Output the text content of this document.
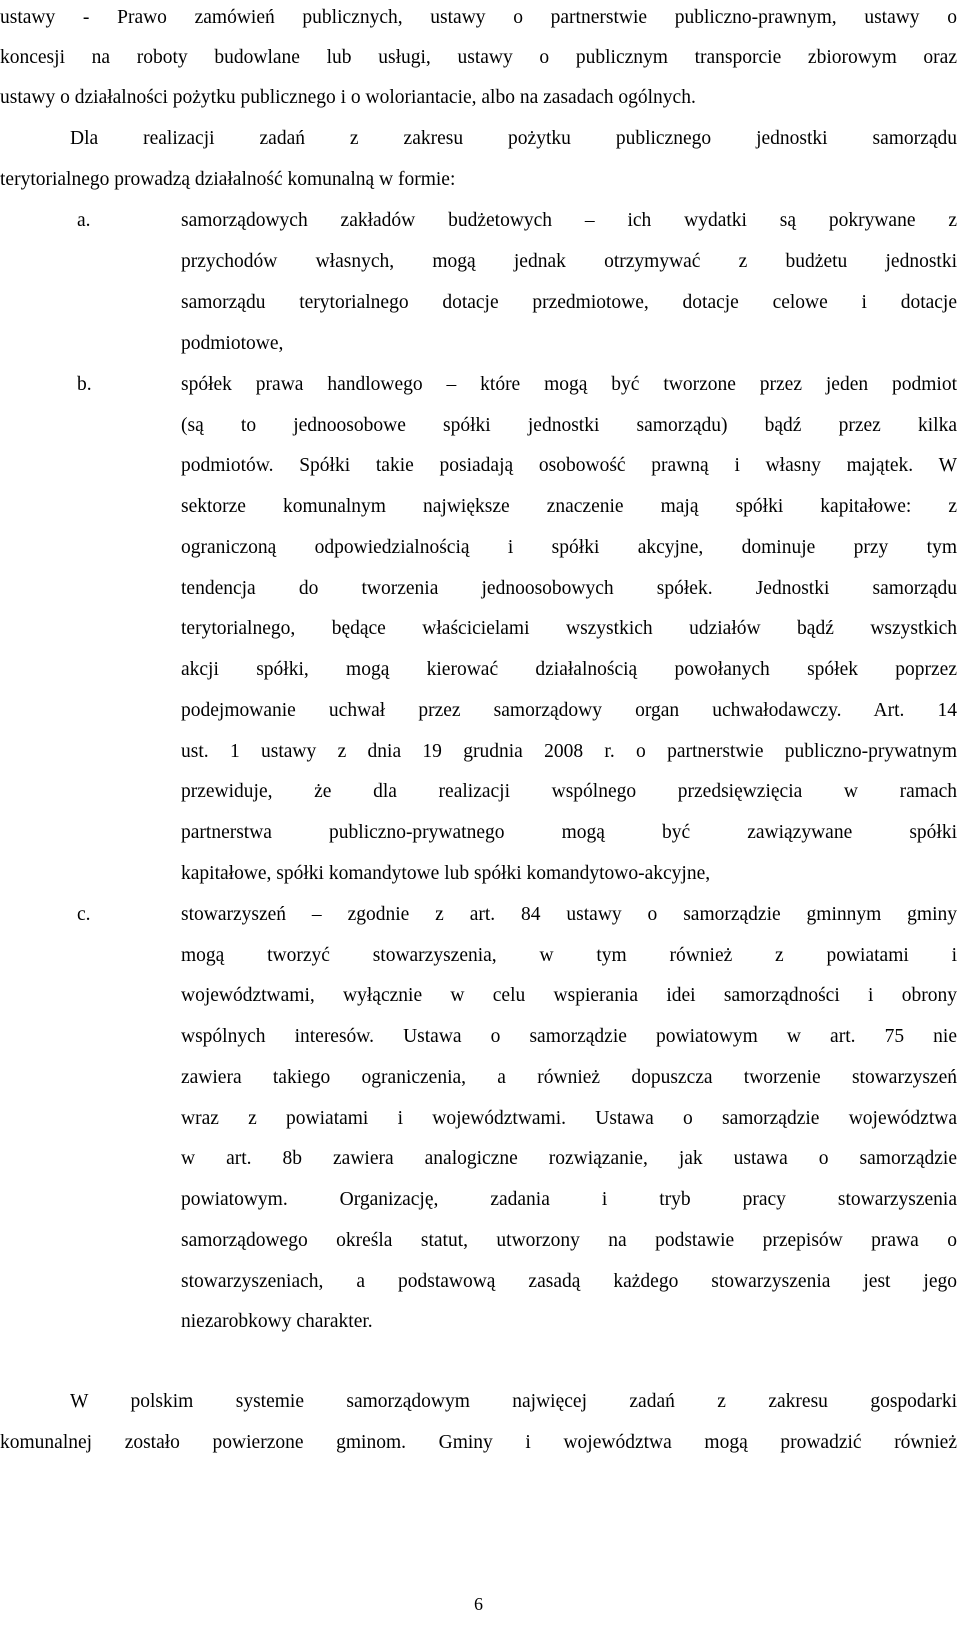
ustawy - Prawo zamówień publicznych, ustawy o partnerstwie publiczno-prawnym, ustawy o
koncesji na roboty budowlane lub usługi, ustawy o publicznym transporcie zbiorowym oraz
ustawy o działalności pożytku publicznego i o woloriantacie, albo na zasadach ogólnych.
Dla realizacji zadań z zakresu pożytku publicznego jednostki samorządu
terytorialnego prowadzą działalność komunalną w formie:
a.	samorządowych zakładów budżetowych – ich wydatki są pokrywane z
przychodów własnych, mogą jednak otrzymywać z budżetu jednostki
samorządu terytorialnego dotacje przedmiotowe, dotacje celowe i dotacje
podmiotowe,
b.	spółek prawa handlowego – które mogą być tworzone przez jeden podmiot
(są to jednoosobowe spółki jednostki samorządu) bądź przez kilka
podmiotów. Spółki takie posiadają osobowość prawną i własny majątek. W
sektorze komunalnym największe znaczenie mają spółki kapitałowe: z
ograniczoną odpowiedzialnością i spółki akcyjne, dominuje przy tym
tendencja do tworzenia jednoosobowych spółek. Jednostki samorządu
terytorialnego, będące właścicielami wszystkich udziałów bądź wszystkich
akcji spółki, mogą kierować działalnością powołanych spółek poprzez
podejmowanie uchwał przez samorządowy organ uchwałodawczy. Art. 14
ust. 1 ustawy z dnia 19 grudnia 2008 r. o partnerstwie publiczno-prywatnym
przewiduje, że dla realizacji wspólnego przedsięwzięcia w ramach
partnerstwa publiczno-prywatnego mogą być zawiązywane spółki
kapitałowe, spółki komandytowe lub spółki komandytowo-akcyjne,
c.	stowarzyszeń – zgodnie z art. 84 ustawy o samorządzie gminnym gminy
mogą tworzyć stowarzyszenia, w tym również z powiatami i
województwami, wyłącznie w celu wspierania idei samorządności i obrony
wspólnych interesów. Ustawa o samorządzie powiatowym w art. 75 nie
zawiera takiego ograniczenia, a również dopuszcza tworzenie stowarzyszeń
wraz z powiatami i województwami. Ustawa o samorządzie województwa
w art. 8b zawiera analogiczne rozwiązanie, jak ustawa o samorządzie
powiatowym. Organizację, zadania i tryb pracy stowarzyszenia
samorządowego określa statut, utworzony na podstawie przepisów prawa o
stowarzyszeniach, a podstawową zasadą każdego stowarzyszenia jest jego
niezarobkowy charakter.
W polskim systemie samorządowym najwięcej zadań z zakresu gospodarki
komunalnej zostało powierzone gminom. Gminy i województwa mogą prowadzić również
6
